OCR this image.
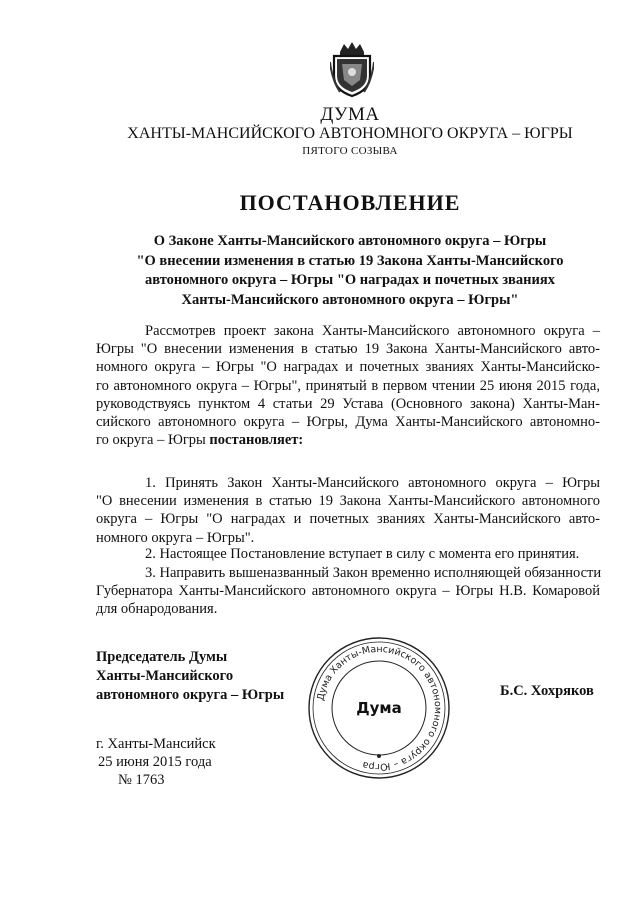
ДУМА
ХАНТЫ-МАНСИЙСКОГО АВТОНОМНОГО ОКРУГА – ЮГРЫ
ПЯТОГО СОЗЫВА
ПОСТАНОВЛЕНИЕ
О Законе Ханты-Мансийского автономного округа – Югры
"О внесении изменения в статью 19 Закона Ханты-Мансийского
автономного округа – Югры "О наградах и почетных званиях
Ханты-Мансийского автономного округа – Югры"
Рассмотрев проект закона Ханты-Мансийского автономного округа –
Югры "О внесении изменения в статью 19 Закона Ханты-Мансийского авто-
номного округа – Югры "О наградах и почетных званиях Ханты-Мансийско-
го автономного округа – Югры", принятый в первом чтении 25 июня 2015 года,
руководствуясь пунктом 4 статьи 29 Устава (Основного закона) Ханты-Ман-
сийского автономного округа – Югры, Дума Ханты-Мансийского автономно-
го округа – Югры постановляет:
1. Принять Закон Ханты-Мансийского автономного округа – Югры
"О внесении изменения в статью 19 Закона Ханты-Мансийского автономного
округа – Югры "О наградах и почетных званиях Ханты-Мансийского авто-
номного округа – Югры".
2. Настоящее Постановление вступает в силу с момента его принятия.
3. Направить вышеназванный Закон временно исполняющей обязанности
Губернатора Ханты-Мансийского автономного округа – Югры Н.В. Комаровой
для обнародования.
Председатель Думы
Ханты-Мансийского
автономного округа – Югры	Дума Ханты-Мансийского автономного округа – Югра
Дума
Б.С. Хохряков
г. Ханты-Мансийск
25 июня 2015 года
№ 1763
